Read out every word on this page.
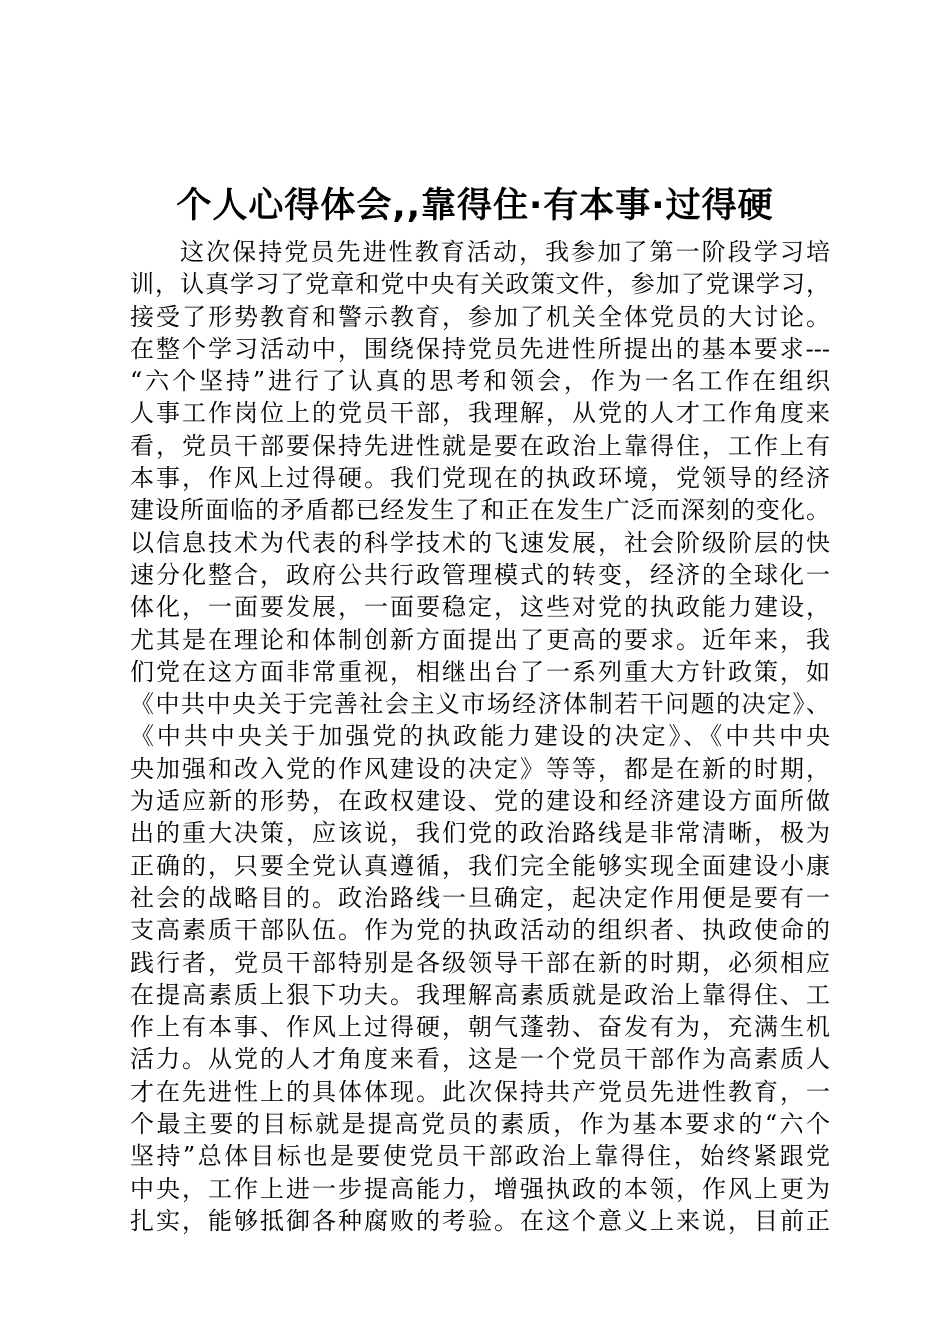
个人心得体会,,靠得住·有本事·过得硬
这次保持党员先进性教育活动，我参加了第一阶段学习培
训，认真学习了党章和党中央有关政策文件，参加了党课学习，
接受了形势教育和警示教育，参加了机关全体党员的大讨论。
在整个学习活动中，围绕保持党员先进性所提出的基本要求---
“六个坚持”进行了认真的思考和领会，作为一名工作在组织
人事工作岗位上的党员干部，我理解，从党的人才工作角度来
看，党员干部要保持先进性就是要在政治上靠得住，工作上有
本事，作风上过得硬。我们党现在的执政环境，党领导的经济
建设所面临的矛盾都已经发生了和正在发生广泛而深刻的变化。
以信息技术为代表的科学技术的飞速发展，社会阶级阶层的快
速分化整合，政府公共行政管理模式的转变，经济的全球化一
体化，一面要发展，一面要稳定，这些对党的执政能力建设，
尤其是在理论和体制创新方面提出了更高的要求。近年来，我
们党在这方面非常重视，相继出台了一系列重大方针政策，如
《中共中央关于完善社会主义市场经济体制若干问题的决定》、
《中共中央关于加强党的执政能力建设的决定》、《中共中央
央加强和改入党的作风建设的决定》等等，都是在新的时期，
为适应新的形势，在政权建设、党的建设和经济建设方面所做
出的重大决策，应该说，我们党的政治路线是非常清晰，极为
正确的，只要全党认真遵循，我们完全能够实现全面建设小康
社会的战略目的。政治路线一旦确定，起决定作用便是要有一
支高素质干部队伍。作为党的执政活动的组织者、执政使命的
践行者，党员干部特别是各级领导干部在新的时期，必须相应
在提高素质上狠下功夫。我理解高素质就是政治上靠得住、工
作上有本事、作风上过得硬，朝气蓬勃、奋发有为，充满生机
活力。从党的人才角度来看，这是一个党员干部作为高素质人
才在先进性上的具体体现。此次保持共产党员先进性教育，一
个最主要的目标就是提高党员的素质，作为基本要求的“六个
坚持”总体目标也是要使党员干部政治上靠得住，始终紧跟党
中央，工作上进一步提高能力，增强执政的本领，作风上更为
扎实，能够抵御各种腐败的考验。在这个意义上来说，目前正
